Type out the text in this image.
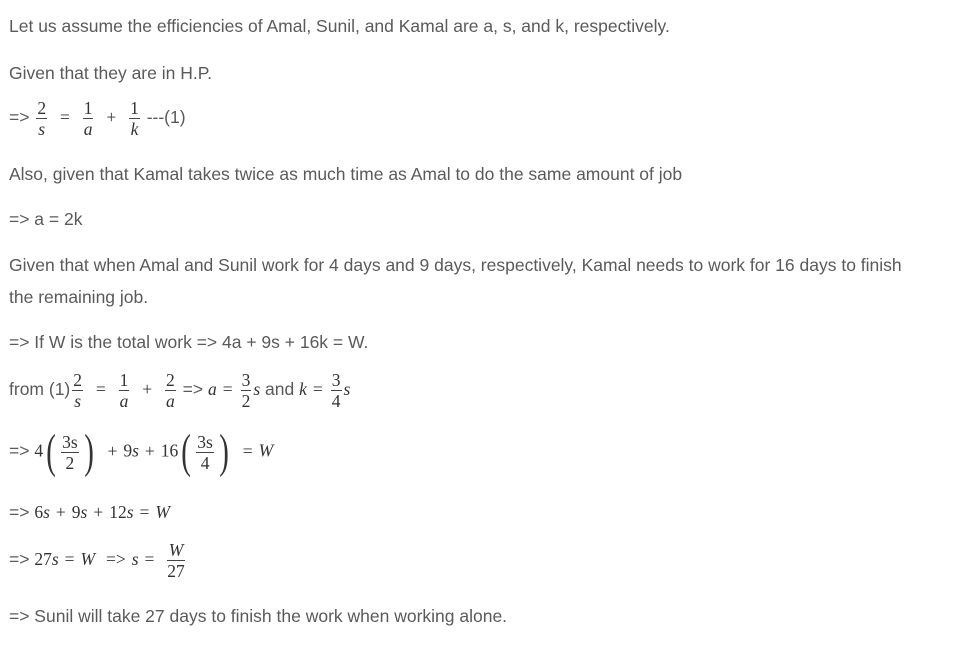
Let us assume the efficiencies of Amal, Sunil, and Kamal are a, s, and k, respectively.
Given that they are in H.P.
=> $\frac{2}{s} = \frac{1}{a} + \frac{1}{k} ---(1)$
Also, given that Kamal takes twice as much time as Amal to do the same amount of job
=> a = 2k
Given that when Amal and Sunil work for 4 days and 9 days, respectively, Kamal needs to work for 16 days to finish
the remaining job.
=> If W is the total work => 4a + 9s + 16k = W.
from $(1) \frac{2}{s} = \frac{1}{a} + \frac{2}{a} => a = \frac{3}{2}$ s and $k = \frac{3}{4}$ s
=> $4( \frac{3s}{2}$ ) + $9s + 16( \frac{3s}{4}$ ) = W
=> 6s + 9s + 12s = W
=> $27s = W => s = \frac{W}{27}$
=> Sunil will take 27 days to finish the work when working alone.
